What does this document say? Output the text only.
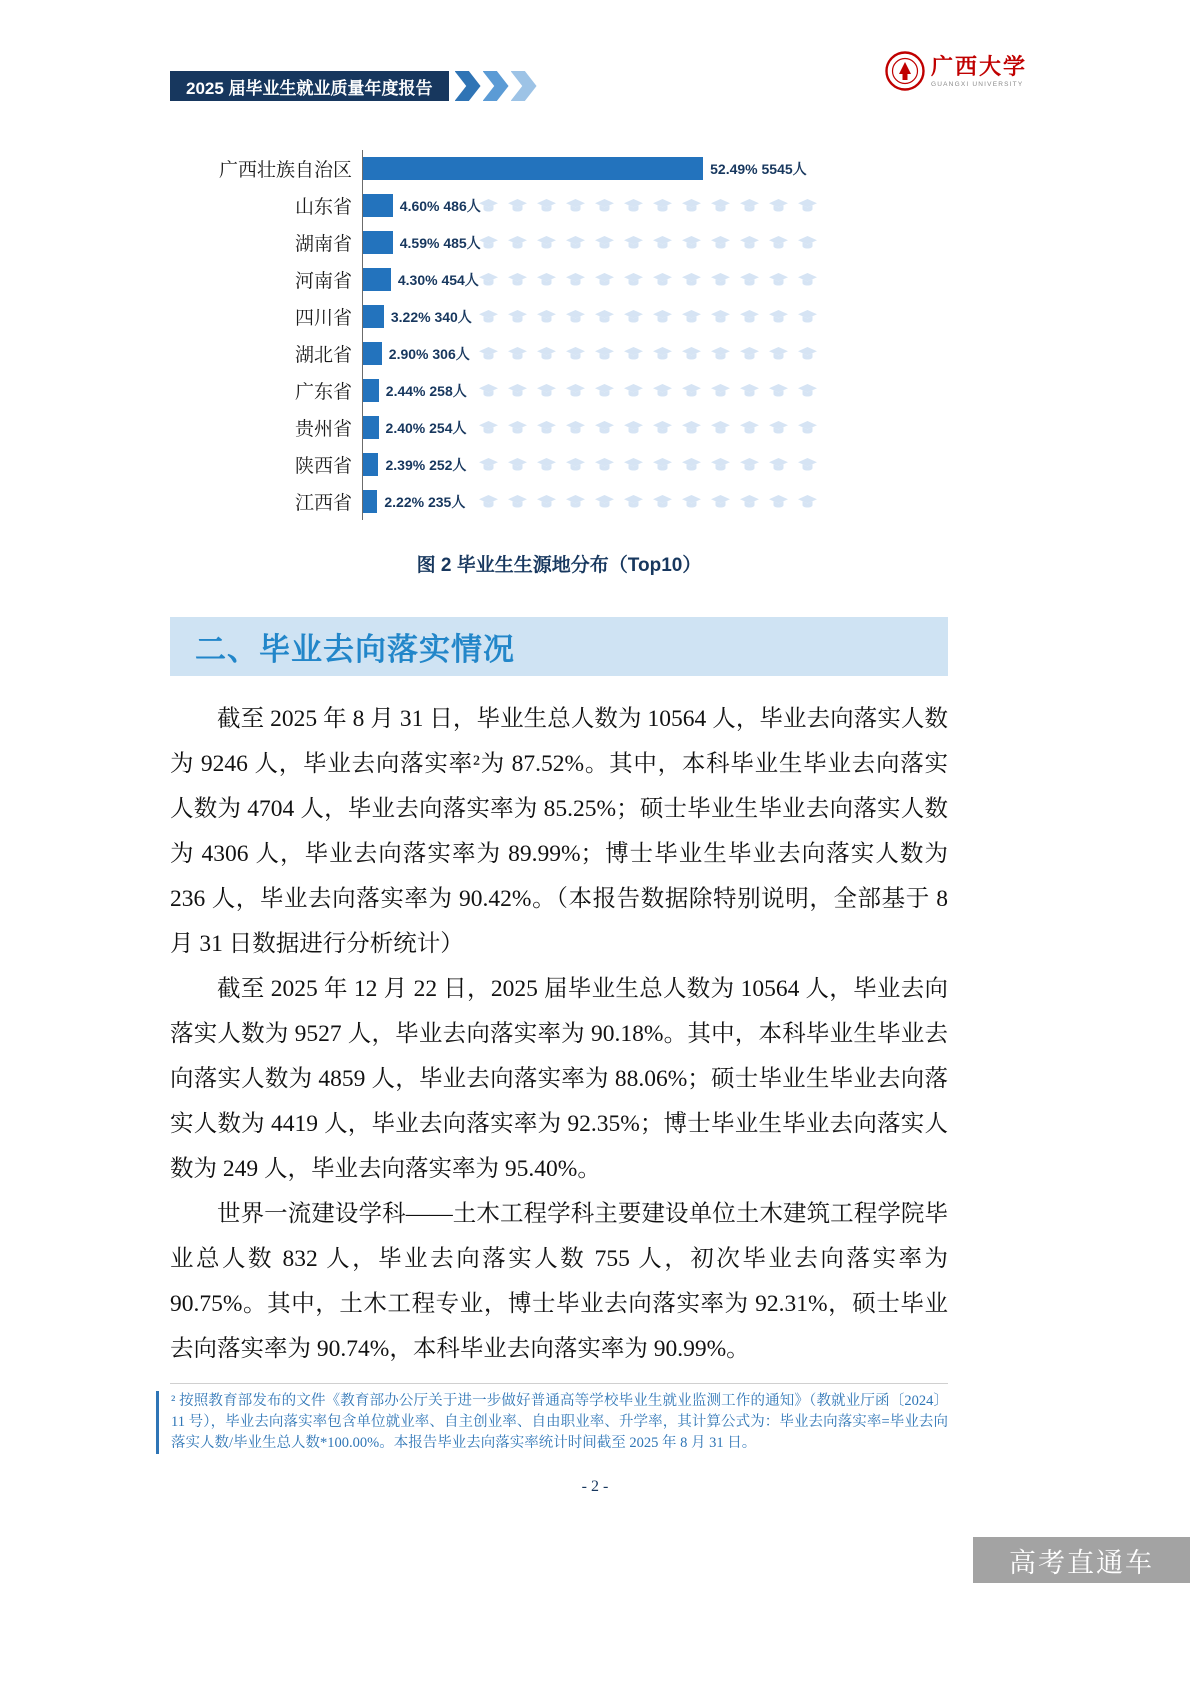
2025 届毕业生就业质量年度报告
广西大学
GUANGXI UNIVERSITY
广西壮族自治区	52.49% 5545人
山东省	4.60% 486人
湖南省	4.59% 485人
河南省	4.30% 454人
四川省	3.22% 340人
湖北省	2.90% 306人
广东省	2.44% 258人
贵州省	2.40% 254人
陕西省	2.39% 252人
江西省	2.22% 235人
图 2 毕业生生源地分布（Top10）
二、毕业去向落实情况

截至 2025 年 8 月 31 日，毕业生总人数为 10564 人，毕业去向落实人数为 9246 人，毕业去向落实率²为 87.52%。其中，本科毕业生毕业去向落实人数为 4704 人，毕业去向落实率为 85.25%；硕士毕业生毕业去向落实人数为 4306 人，毕业去向落实率为 89.99%；博士毕业生毕业去向落实人数为 236 人，毕业去向落实率为 90.42%。（本报告数据除特别说明，全部基于 8 月 31 日数据进行分析统计）

截至 2025 年 12 月 22 日，2025 届毕业生总人数为 10564 人，毕业去向落实人数为 9527 人，毕业去向落实率为 90.18%。其中，本科毕业生毕业去向落实人数为 4859 人，毕业去向落实率为 88.06%；硕士毕业生毕业去向落实人数为 4419 人，毕业去向落实率为 92.35%；博士毕业生毕业去向落实人数为 249 人，毕业去向落实率为 95.40%。

世界一流建设学科——土木工程学科主要建设单位土木建筑工程学院毕业总人数 832 人，毕业去向落实人数 755 人，初次毕业去向落实率为 90.75%。其中，土木工程专业，博士毕业去向落实率为 92.31%，硕士毕业去向落实率为 90.74%，本科毕业去向落实率为 90.99%。

² 按照教育部发布的文件《教育部办公厅关于进一步做好普通高等学校毕业生就业监测工作的通知》（教就业厅函〔2024〕11 号），毕业去向落实率包含单位就业率、自主创业率、自由职业率、升学率，其计算公式为：毕业去向落实率=毕业去向落实人数/毕业生总人数*100.00%。本报告毕业去向落实率统计时间截至 2025 年 8 月 31 日。

- 2 -
高考直通车
